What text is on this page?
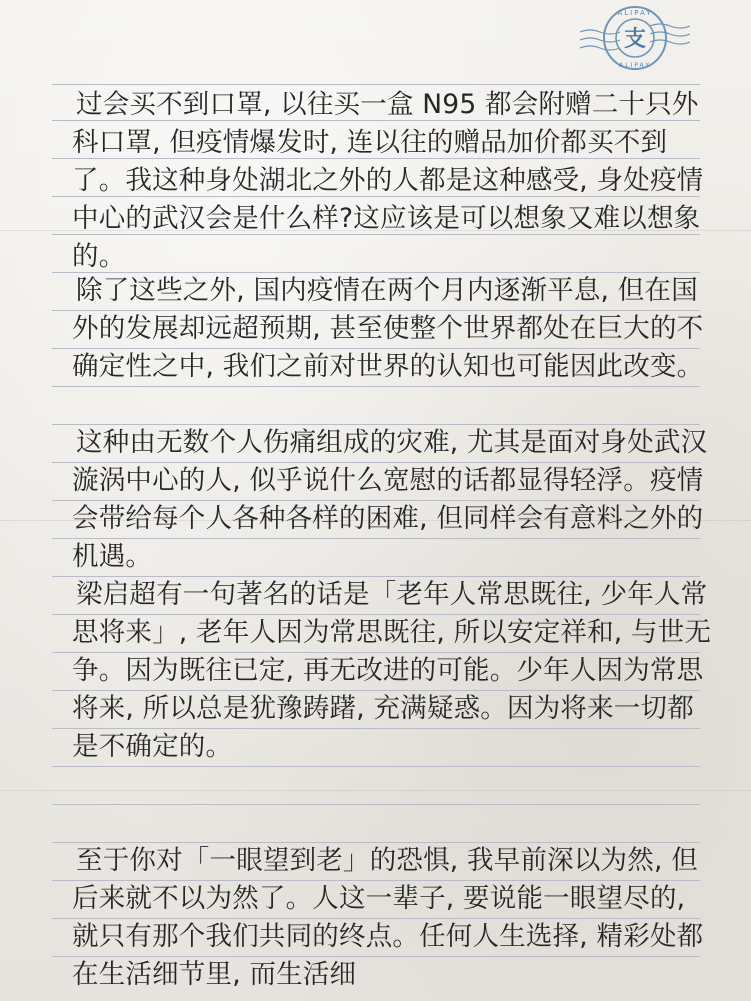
ALIPAY
ALIPAY
支
过会买不到口罩, 以往买一盒 N95 都会附赠二十只外科口罩, 但疫情爆发时, 连以往的赠品加价都买不到了。我这种身处湖北之外的人都是这种感受, 身处疫情中心的武汉会是什么样?这应该是可以想象又难以想象的。
除了这些之外, 国内疫情在两个月内逐渐平息, 但在国外的发展却远超预期, 甚至使整个世界都处在巨大的不确定性之中, 我们之前对世界的认知也可能因此改变。
这种由无数个人伤痛组成的灾难, 尤其是面对身处武汉漩涡中心的人, 似乎说什么宽慰的话都显得轻浮。疫情会带给每个人各种各样的困难, 但同样会有意料之外的机遇。
梁启超有一句著名的话是「老年人常思既往, 少年人常思将来」, 老年人因为常思既往, 所以安定祥和, 与世无争。因为既往已定, 再无改进的可能。少年人因为常思将来, 所以总是犹豫踌躇, 充满疑惑。因为将来一切都是不确定的。
至于你对「一眼望到老」的恐惧, 我早前深以为然, 但后来就不以为然了。人这一辈子, 要说能一眼望尽的, 就只有那个我们共同的终点。任何人生选择, 精彩处都在生活细节里, 而生活细
